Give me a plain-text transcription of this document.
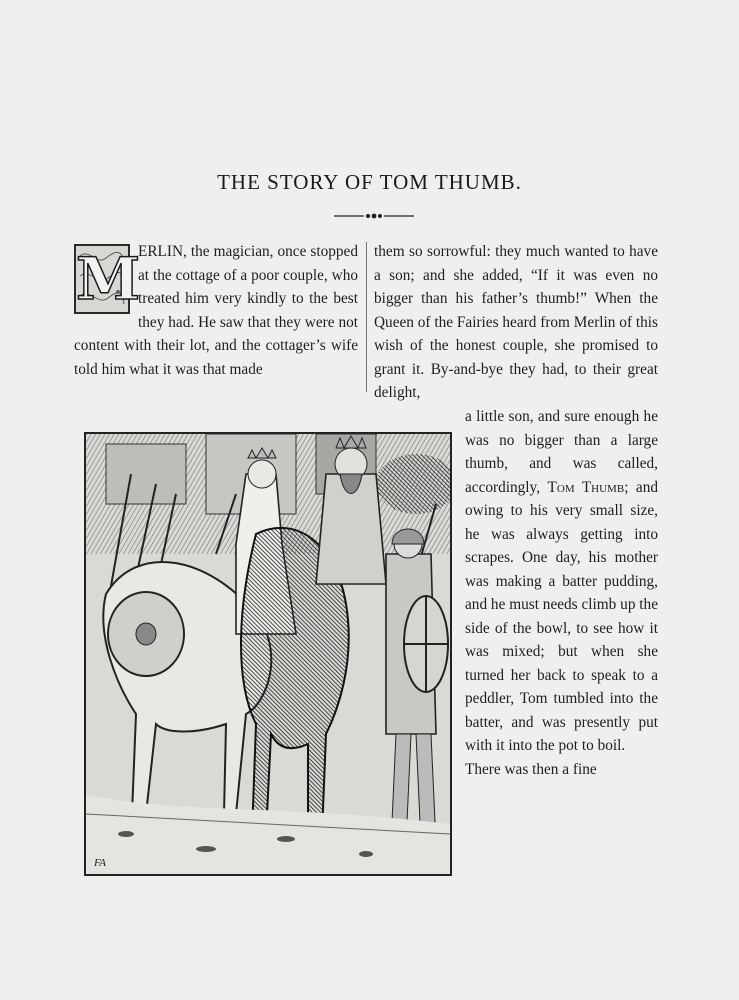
THE STORY OF TOM THUMB.
M

ERLIN, the magician, once stopped at the cottage of a poor couple, who treated him very kindly to the best they had. He saw that they were not content with their lot, and the cottager’s wife told him what it was that made

them so sorrowful: they much wanted to have a son; and she added, “If it was even no bigger than his father’s thumb!” When the Queen of the Fairies heard from Merlin of this wish of the honest couple, she promised to grant it. By-and-bye they had, to their great delight,

a little son, and sure enough he was no bigger than a large thumb, and was called, accordingly, Tom Thumb; and owing to his very small size, he was always getting into scrapes. One day, his mother was making a batter pudding, and he must needs climb up the side of the bowl, to see how it was mixed; but when she turned her back to speak to a peddler, Tom tumbled into the batter, and was presently put with it into the pot to boil.

There was then a fine

FA
